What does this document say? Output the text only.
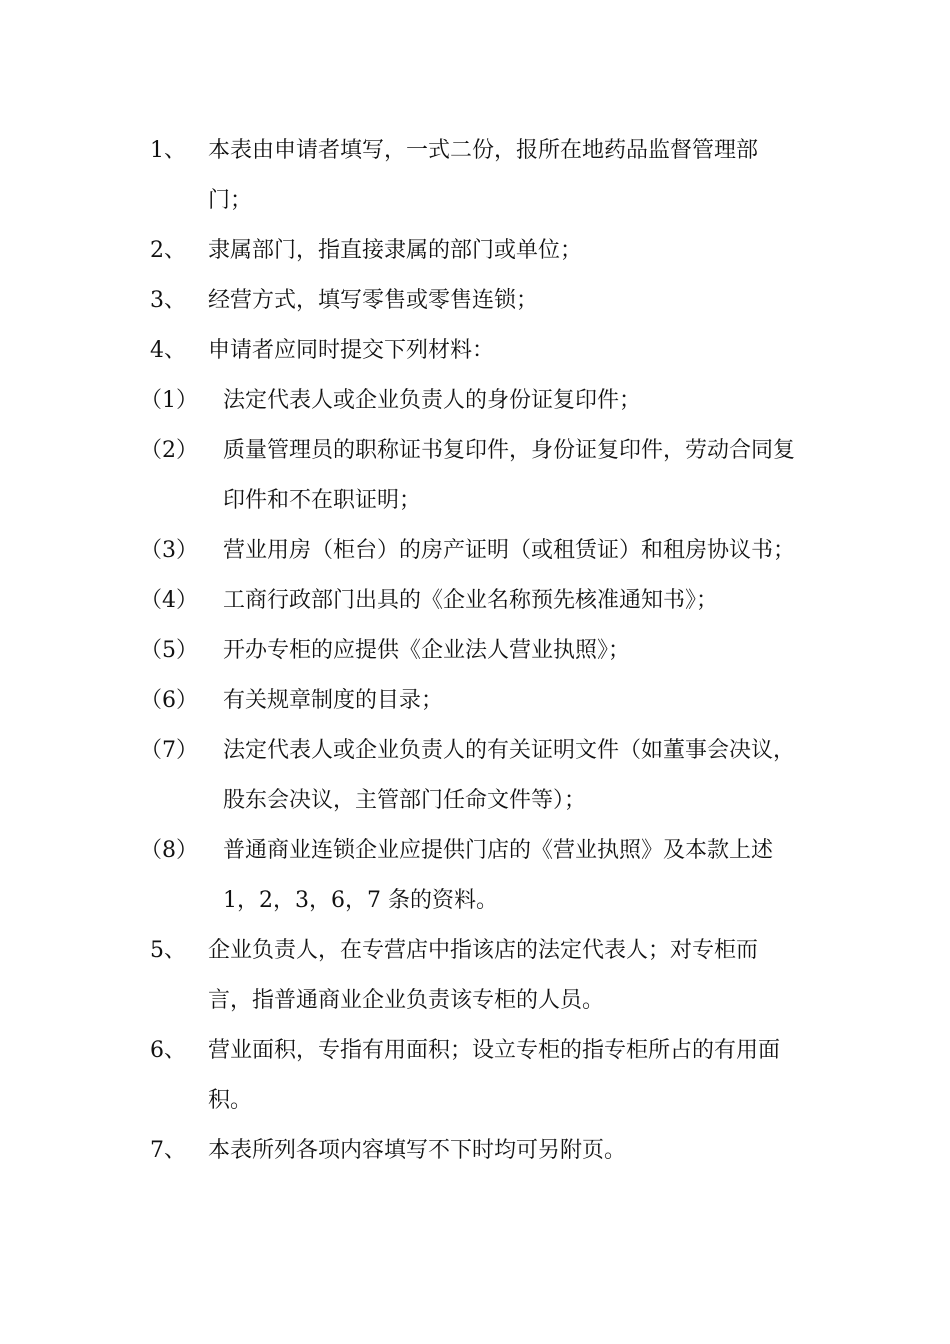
1、 本表由申请者填写，一式二份，报所在地药品监督管理部
门；
2、 隶属部门，指直接隶属的部门或单位；
3、 经营方式，填写零售或零售连锁；
4、 申请者应同时提交下列材料：
（1） 法定代表人或企业负责人的身份证复印件；
（2） 质量管理员的职称证书复印件，身份证复印件，劳动合同复
印件和不在职证明；
（3） 营业用房（柜台）的房产证明（或租赁证）和租房协议书；
（4） 工商行政部门出具的《企业名称预先核准通知书》；
（5） 开办专柜的应提供《企业法人营业执照》；
（6） 有关规章制度的目录；
（7） 法定代表人或企业负责人的有关证明文件（如董事会决议，
股东会决议，主管部门任命文件等）；
（8） 普通商业连锁企业应提供门店的《营业执照》及本款上述
1，2，3，6，7 条的资料。
5、 企业负责人，在专营店中指该店的法定代表人；对专柜而
言，指普通商业企业负责该专柜的人员。
6、 营业面积，专指有用面积；设立专柜的指专柜所占的有用面
积。
7、 本表所列各项内容填写不下时均可另附页。
